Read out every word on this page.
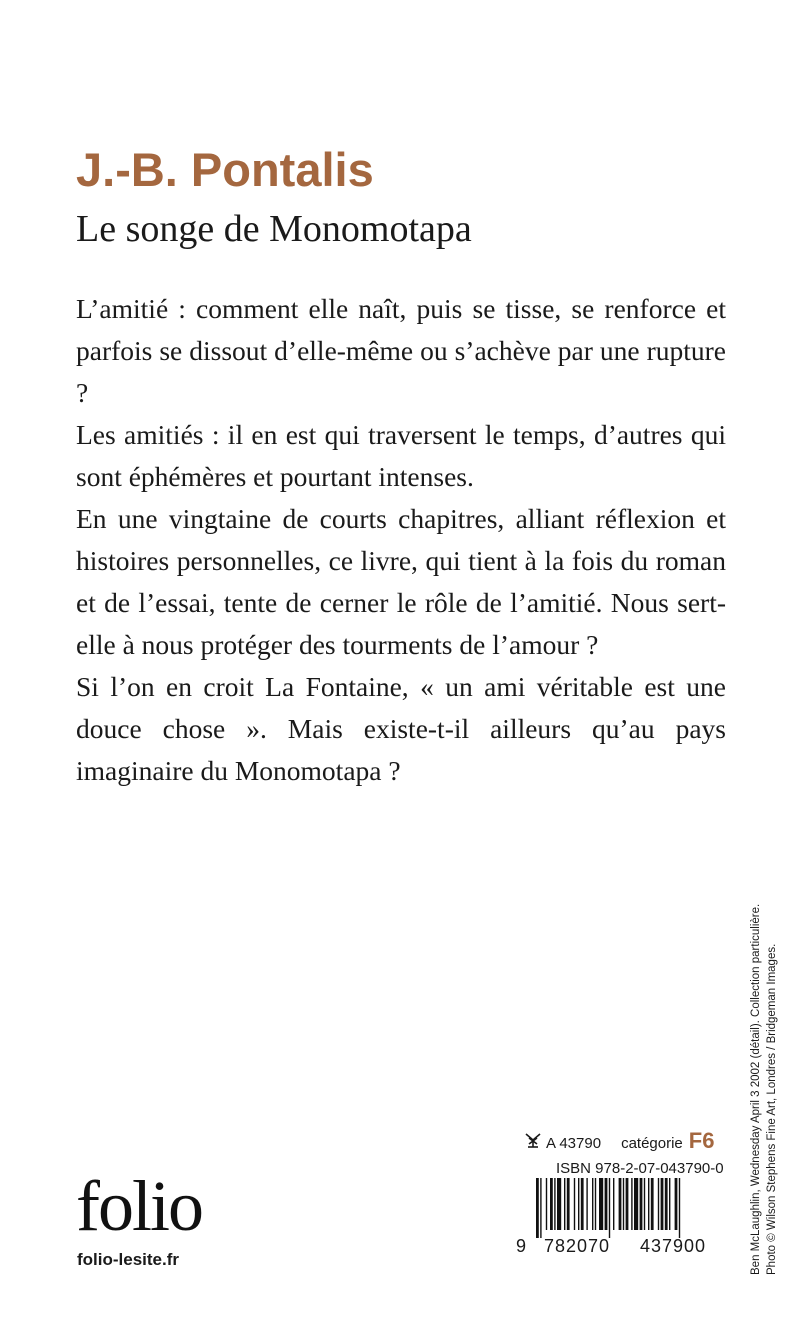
J.-B. Pontalis
Le songe de Monomotapa

L’amitié : comment elle naît, puis se tisse, se renforce et parfois se dissout d’elle-même ou s’achève par une rupture ?

Les amitiés : il en est qui traversent le temps, d’autres qui sont éphémères et pourtant intenses.

En une vingtaine de courts chapitres, alliant réflexion et histoires personnelles, ce livre, qui tient à la fois du roman et de l’essai, tente de cerner le rôle de l’amitié. Nous sert-elle à nous protéger des tourments de l’amour ?

Si l’on en croit La Fontaine, « un ami véritable est une douce chose ». Mais existe-t-il ailleurs qu’au pays imaginaire du Monomotapa ?

Ben McLaughlin, Wednesday April 3 2002 (détail). Collection particulière. Photo © Wilson Stephens Fine Art, Londres / Bridgeman Images.
A 43790 catégorie F6
ISBN 978-2-07-043790-0
9 782070	437900
folio
folio-lesite.fr
